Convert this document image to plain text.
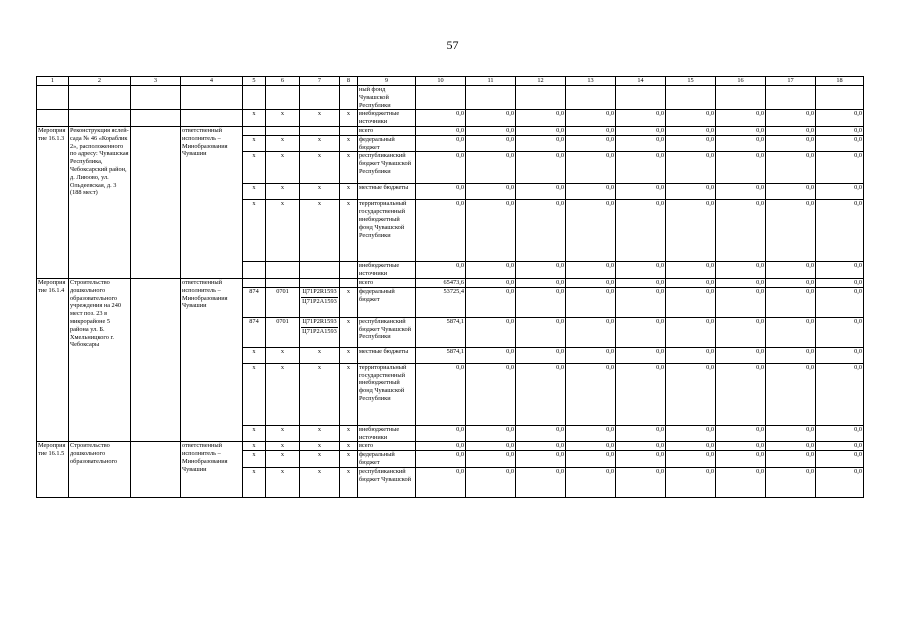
57
1	2	3	4	5	6	7	8	9	10	11	12	13	14	15	16	17	18
								ный фонд Чувашской Республики									
				x	x	x	x	внебюджетные источники	0,0	0,0	0,0	0,0	0,0	0,0	0,0	0,0	0,0
Мероприятие 16.1.3	Реконструкция яслей-сада № 46 «Кораблик 2», расположенного по адресу: Чувашская Республика, Чебоксарский район, д. Лиюово, ул. Ольдеевская, д. 3 (188 мест)		ответственный исполнитель – Минобразования Чувашии					всего	0,0	0,0	0,0	0,0	0,0	0,0	0,0	0,0	0,0
				x	x	x	x	федеральный бюджет	0,0	0,0	0,0	0,0	0,0	0,0	0,0	0,0	0,0
				x	x	x	x	республиканский бюджет Чувашской Республики	0,0	0,0	0,0	0,0	0,0	0,0	0,0	0,0	0,0
				x	x	x	x	местные бюджеты	0,0	0,0	0,0	0,0	0,0	0,0	0,0	0,0	0,0
				x	x	x	x	территориальный государственный внебюджетный фонд Чувашской Республики	0,0	0,0	0,0	0,0	0,0	0,0	0,0	0,0	0,0
								внебюджетные источники	0,0	0,0	0,0	0,0	0,0	0,0	0,0	0,0	0,0
Мероприятие 16.1.4	Строительство дошкольного образовательного учреждения на 240 мест поз. 23 в микрорайоне 5 района ул. Б. Хмельницкого г. Чебоксары		ответственный исполнитель – Минобразования Чувашии					всего	65473,6	0,0	0,0	0,0	0,0	0,0	0,0	0,0	0,0
				874	0701	Ц71Р2R1593
Ц71Р2А1593	x	федеральный бюджет	53725,4	0,0	0,0	0,0	0,0	0,0	0,0	0,0	0,0
				874	0701	Ц71Р2R1593
Ц71Р2А1593	x	республиканский бюджет Чувашской Республики	5874,1	0,0	0,0	0,0	0,0	0,0	0,0	0,0	0,0
				x	x	x	x	местные бюджеты	5874,1	0,0	0,0	0,0	0,0	0,0	0,0	0,0	0,0
				x	x	x	x	территориальный государственный внебюджетный фонд Чувашской Республики	0,0	0,0	0,0	0,0	0,0	0,0	0,0	0,0	0,0
				x	x	x	x	внебюджетные источники	0,0	0,0	0,0	0,0	0,0	0,0	0,0	0,0	0,0
Мероприятие 16.1.5	Строительство дошкольного образовательного		ответственный исполнитель – Минобразования Чувашии	x	x	x	x	всего	0,0	0,0	0,0	0,0	0,0	0,0	0,0	0,0	0,0
				x	x	x	x	федеральный бюджет	0,0	0,0	0,0	0,0	0,0	0,0	0,0	0,0	0,0
				x	x	x	x	республиканский бюджет Чувашской	0,0	0,0	0,0	0,0	0,0	0,0	0,0	0,0	0,0
